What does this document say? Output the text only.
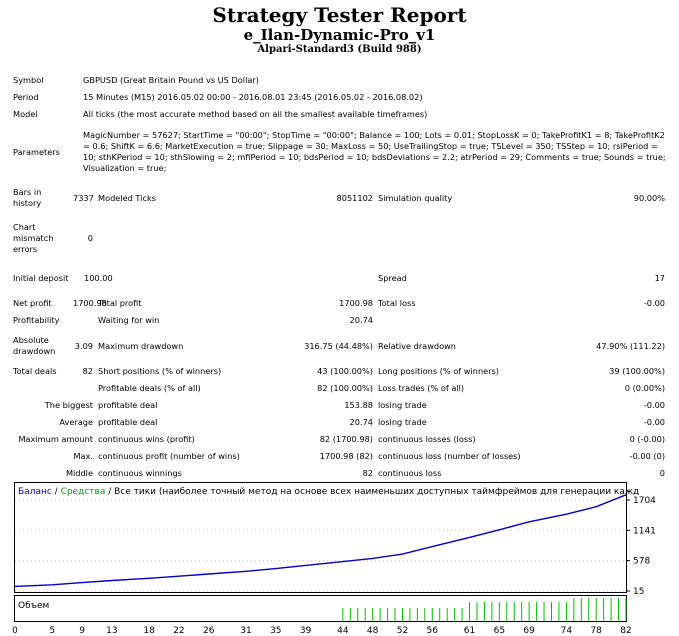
Strategy Tester Report
e_Ilan-Dynamic-Pro_v1
Alpari-Standard3 (Build 988)
Symbol	GBPUSD (Great Britain Pound vs US Dollar)				
Period	15 Minutes (M15) 2016.05.02 00:00 - 2016.08.01 23:45 (2016.05.02 - 2016.08.02)				
Model	All ticks (the most accurate method based on all the smallest available timeframes)				
Parameters	MagicNumber = 57627; StartTime = "00:00"; StopTime = "00:00"; Balance = 100; Lots = 0.01; StopLossK = 0; TakeProfitK1 = 8; TakeProfitK2 = 0.6; ShiftK = 6.6; MarketExecution = true; Slippage = 30; MaxLoss = 50; UseTrailingStop = true; TSLevel = 350; TSStep = 10; rsiPeriod = 10; sthKPeriod = 10; sthSlowing = 2; mfiPeriod = 10; bdsPeriod = 10; bdsDeviations = 2.2; atrPeriod = 29; Comments = true; Sounds = true; Visualization = true;				
Bars in history	7337	Modeled Ticks	8051102	Simulation quality	90.00%
Chart mismatch errors	0				
Initial deposit	100.00			Spread	17
Net profit	1700.98	Total profit	1700.98	Total loss	-0.00
Profitability		Waiting for win	20.74		
Absolute drawdown	3.09	Maximum drawdown	316.75 (44.48%)	Relative drawdown	47.90% (111.22)
Total deals	82	Short positions (% of winners)	43 (100.00%)	Long positions (% of winners)	39 (100.00%)
		Profitable deals (% of all)	82 (100.00%)	Loss trades (% of all)	0 (0.00%)
The biggest		profitable deal	153.88	losing trade	-0.00
Average		profitable deal	20.74	losing trade	-0.00
Maximum amount		continuous wins (profit)	82 (1700.98)	continuous losses (loss)	0 (-0.00)
Max.		continuous profit (number of wins)	1700.98 (82)	continuous loss (number of losses)	-0.00 (0)
Middle		continuous winnings	82	continuous loss	0
1704
1141
578
15
0	5	9 13	18 22 26	31 35 39	44 48 52 56	61 65 69	74 78 82
Баланс / Средства / Все тики (наиболее точный метод на основе всех наименьших доступных таймфреймов для генерации кажд
Объем
